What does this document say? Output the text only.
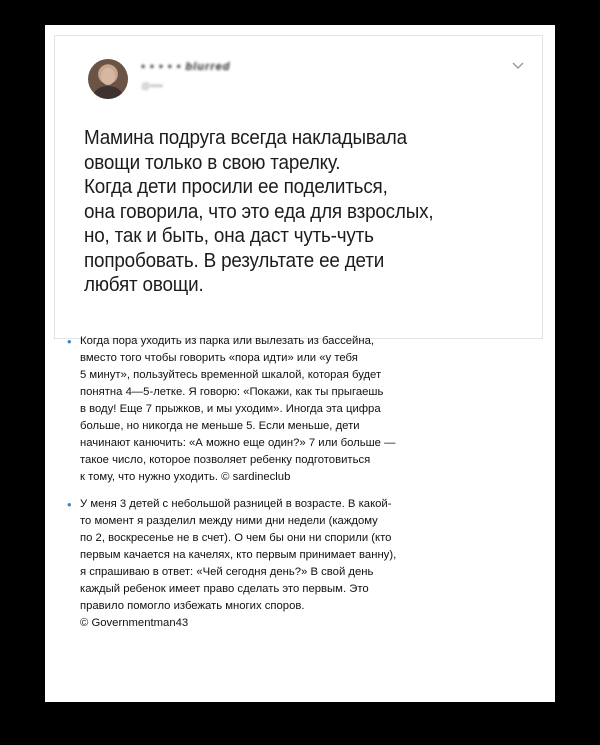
• • • • • blurred
@••••
Мамина подруга всегда накладывала
овощи только в свою тарелку.
Когда дети просили ее поделиться,
она говорила, что это еда для взрослых,
но, так и быть, она даст чуть-чуть
попробовать. В результате ее дети
любят овощи.
• Когда пора уходить из парка или вылезать из бассейна,
вместо того чтобы говорить «пора идти» или «у тебя
5 минут», пользуйтесь временной шкалой, которая будет
понятна 4—5-летке. Я говорю: «Покажи, как ты прыгаешь
в воду! Еще 7 прыжков, и мы уходим». Иногда эта цифра
больше, но никогда не меньше 5. Если меньше, дети
начинают канючить: «А можно еще один?» 7 или больше —
такое число, которое позволяет ребенку подготовиться
к тому, что нужно уходить. © sardineclub
• У меня 3 детей с небольшой разницей в возрасте. В какой-
то момент я разделил между ними дни недели (каждому
по 2, воскресенье не в счет). О чем бы они ни спорили (кто
первым качается на качелях, кто первым принимает ванну),
я спрашиваю в ответ: «Чей сегодня день?» В свой день
каждый ребенок имеет право сделать это первым. Это
правило помогло избежать многих споров.
© Governmentman43
